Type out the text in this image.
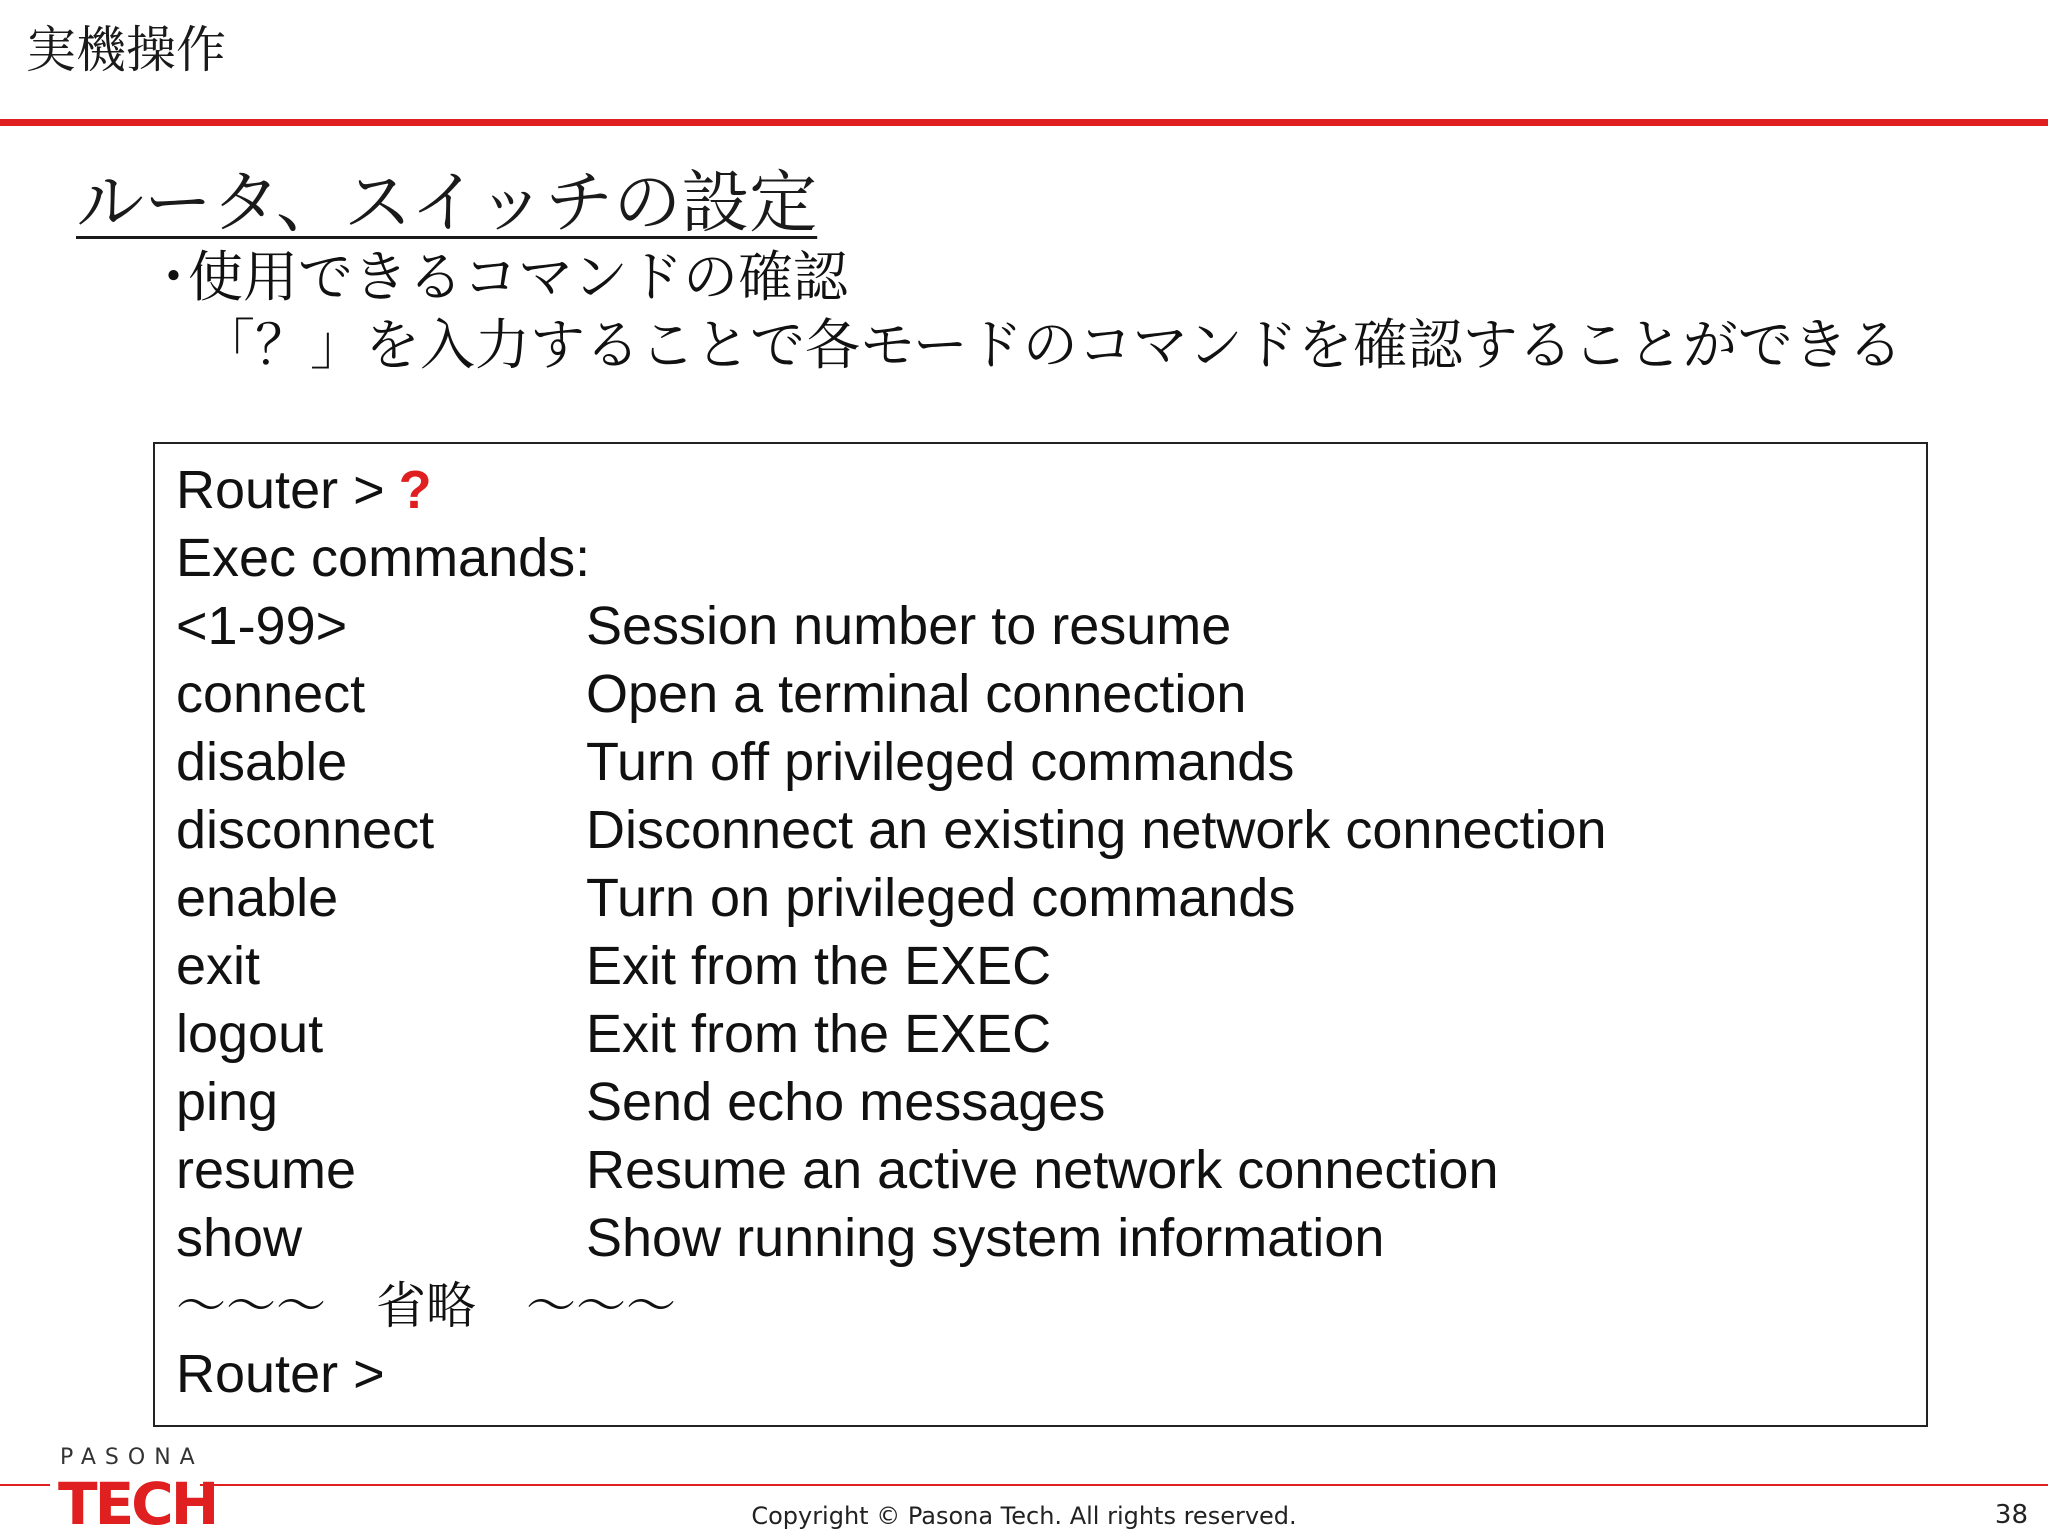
実機操作
ルータ、スイッチの設定
・使用できるコマンドの確認
「？」を入力することで各モードのコマンドを確認することができる
Router > ?
Exec commands:
<1-99>	Session number to resume
connect	Open a terminal connection
disable	Turn off privileged commands
disconnect	Disconnect an existing network connection
enable	Turn on privileged commands
exit	Exit from the EXEC
logout	Exit from the EXEC
ping	Send echo messages
resume	Resume an active network connection
show	Show running system information
～～～　省略　～～～
Router >
PASONA
TECH	Copyright © Pasona Tech. All rights reserved.	38
